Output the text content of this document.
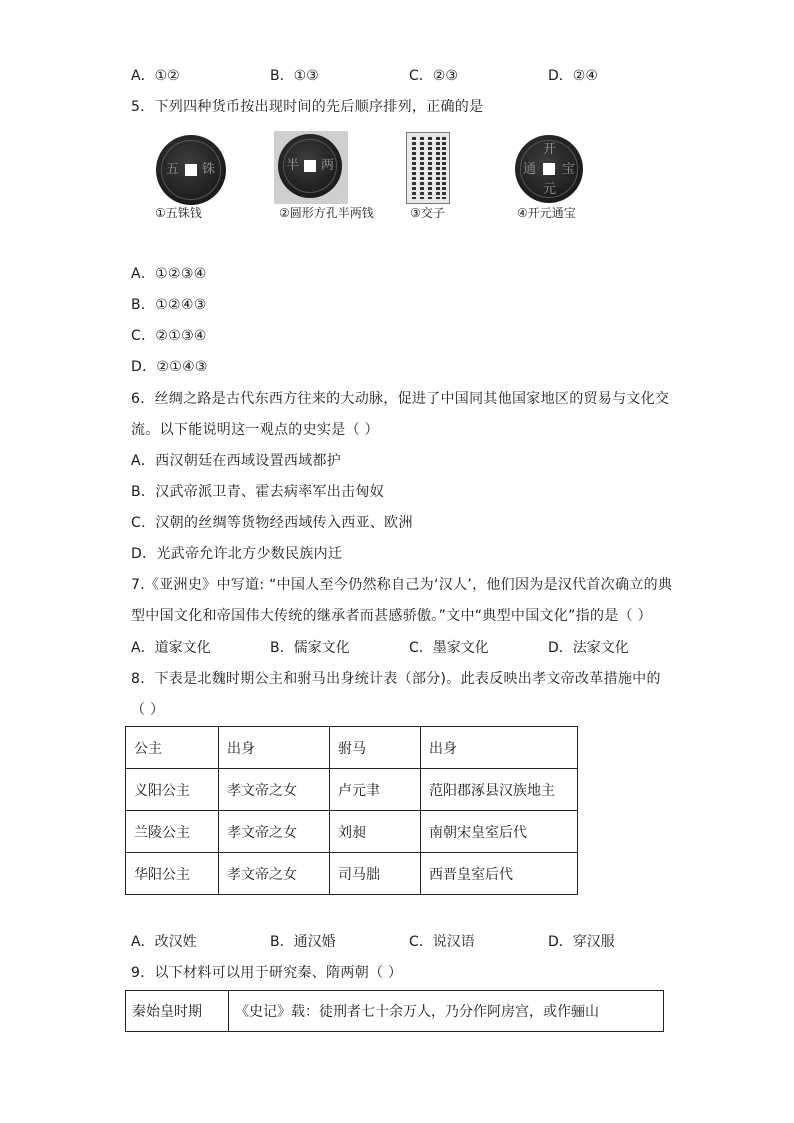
A．①②	B．①③	C．②③	D．②④
5．下列四种货币按出现时间的先后顺序排列，正确的是
五 铢
①五铢钱
半 两
②圆形方孔半两钱	③交子
开
元
通 宝
④开元通宝
A．①②③④
B．①②④③
C．②①③④
D．②①④③
6．丝绸之路是古代东西方往来的大动脉，促进了中国同其他国家地区的贸易与文化交
流。以下能说明这一观点的史实是（ ）
A．西汉朝廷在西域设置西域都护
B．汉武帝派卫青、霍去病率军出击匈奴
C．汉朝的丝绸等货物经西域传入西亚、欧洲
D．光武帝允许北方少数民族内迁
7.《亚洲史》中写道: “中国人至今仍然称自己为‘汉人’，他们因为是汉代首次确立的典
型中国文化和帝国伟大传统的继承者而甚感骄傲。”文中“典型中国文化”指的是（ ）
A．道家文化	B．儒家文化	C．墨家文化	D．法家文化
8．下表是北魏时期公主和驸马出身统计表（部分)。此表反映出孝文帝改革措施中的
（ ）
公主	出身	驸马	出身
义阳公主	孝文帝之女	卢元聿	范阳郡涿县汉族地主
兰陵公主	孝文帝之女	刘昶	南朝宋皇室后代
华阳公主	孝文帝之女	司马朏	西晋皇室后代
A．改汉姓	B．通汉婚	C．说汉语	D．穿汉服
9．以下材料可以用于研究秦、隋两朝（ ）
秦始皇时期	《史记》载：徒刑者七十余万人，乃分作阿房宫，或作骊山
